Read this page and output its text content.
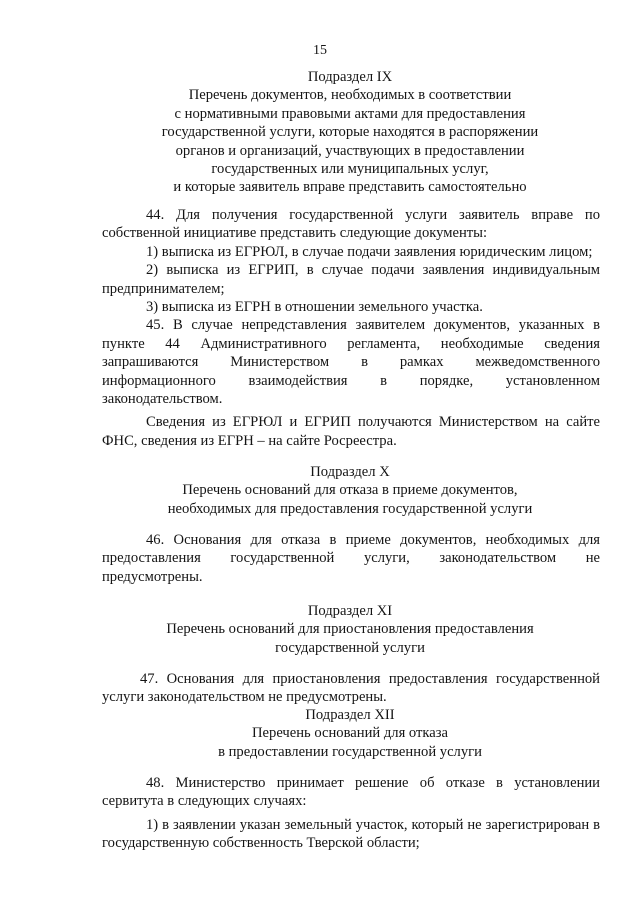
15
Подраздел IX
Перечень документов, необходимых в соответствии
с нормативными правовыми актами для предоставления
государственной услуги, которые находятся в распоряжении
органов и организаций, участвующих в предоставлении
государственных или муниципальных услуг,
и которые заявитель вправе представить самостоятельно

44. Для получения государственной услуги заявитель вправе по собственной инициативе представить следующие документы:

1) выписка из ЕГРЮЛ, в случае подачи заявления юридическим лицом;

2) выписка из ЕГРИП, в случае подачи заявления индивидуальным предпринимателем;

3) выписка из ЕГРН в отношении земельного участка.

45. В случае непредставления заявителем документов, указанных в пункте 44 Административного регламента, необходимые сведения запрашиваются Министерством в рамках межведомственного информационного взаимодействия в порядке, установленном законодательством.

Сведения из ЕГРЮЛ и ЕГРИП получаются Министерством на сайте ФНС, сведения из ЕГРН – на сайте Росреестра.

Подраздел X
Перечень оснований для отказа в приеме документов,
необходимых для предоставления государственной услуги

46. Основания для отказа в приеме документов, необходимых для предоставления государственной услуги, законодательством не предусмотрены.

Подраздел XI
Перечень оснований для приостановления предоставления
государственной услуги

47. Основания для приостановления предоставления государственной услуги законодательством не предусмотрены.

Подраздел XII
Перечень оснований для отказа
в предоставлении государственной услуги

48. Министерство принимает решение об отказе в установлении сервитута в следующих случаях:

1) в заявлении указан земельный участок, который не зарегистрирован в государственную собственность Тверской области;
